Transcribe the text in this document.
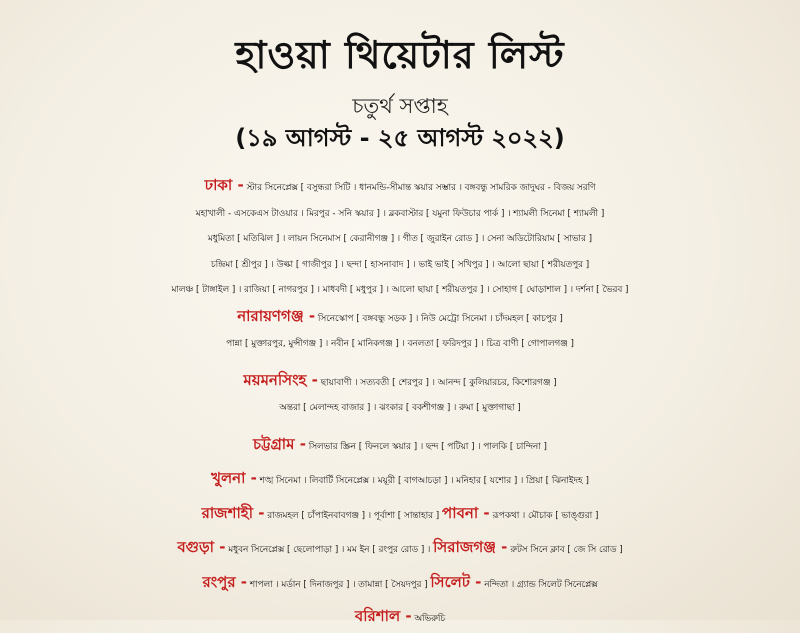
হাওয়া থিয়েটার লিস্ট
চতুর্থ সপ্তাহ
(১৯ আগস্ট - ২৫ আগস্ট ২০২২)
ঢাকা - স্টার সিনেপ্লেক্স [ বসুন্ধরা সিটি । ধানমন্ডি-সীমান্ত স্কয়ার সম্ভার । বঙ্গবন্ধু সামরিক জাদুঘর - বিজয় সরণি
মহাখালী - এসকেএস টাওয়ার । মিরপুর - সনি স্কয়ার ] । ব্লকবাস্টার [ যমুনা ফিউচার পার্ক ] । শ্যামলী সিনেমা [ শ্যামলী ]
মধুমিতা [ মতিঝিল ] । লায়ন সিনেমাস [ কেরানীগঞ্জ ] । গীত [ জুরাইন রোড ] । সেনা অডিটোরিয়াম [ সাভার ]
চন্দ্রিমা [ শ্রীপুর ] । উল্কা [ গাজীপুর ] । ছন্দা [ হাসনাবাদ ] । ভাই ভাই [ সখিপুর ] । আলো ছায়া [ শরীয়তপুর ]
মালঞ্চ [ টাঙ্গাইল ] । রাজিয়া [ নাগরপুর ] । মাধবদী [ মধুপুর ] । আলো ছায়া [ শরীয়তপুর ] । সোহাগ [ ঘোড়াশাল ] । দর্শনা [ ভৈরব ]
নারায়ণগঞ্জ - সিনেস্কোপ [ বঙ্গবন্ধু সড়ক ] । নিউ মেট্রো সিনেমা । চাঁদমহল [ কাচপুর ]
পান্না [ মুক্তারপুর, মুন্সীগঞ্জ ] । নবীন [ মানিকগঞ্জ ] । বনলতা [ ফরিদপুর ] । চিত্র বাণী [ গোপালগঞ্জ ]
ময়মনসিংহ - ছায়াবাণী । সত্যবতী [ শেরপুর ] । আনন্দ [ কুলিয়ারচর, কিশোরগঞ্জ ]
অন্তরা [ মেলান্দহ বাজার ] । ঝংকার [ বকশীগঞ্জ ] । রুমা [ মুক্তাগাছা ]
চট্টগ্রাম - সিলভার স্ক্রিন [ ফিনলে স্কয়ার ] । ছন্দ [ পটিয়া ] । পালকি [ চান্দিনা ]
খুলনা - শঙ্খ সিনেমা । লিবার্টি সিনেপ্লেক্স । ময়ূরী [ বাগআচড়া ] । মনিহার [ যশোর ] । প্রিয়া [ ঝিনাইদহ ]
রাজশাহী - রাজমহল [ চাঁপাইনবাবগঞ্জ ] । পূর্বাশা [ সান্তাহার ] পাবনা - রূপকথা । মৌচাক [ ভাঙ্গুরা ]
বগুড়া - মধুবন সিনেপ্লেক্স [ ছেলোপাড়া ] । মম ইন [ রংপুর রোড ] । সিরাজগঞ্জ - রুটস সিনে ক্লাব [ জে সি রোড ]
রংপুর - শাপলা । মর্ডান [ দিনাজপুর ] । তামান্না [ সৈয়দপুর ] সিলেট - নন্দিতা । গ্র্যান্ড সিলেট সিনেপ্লেক্স
বরিশাল - অভিরুচি
